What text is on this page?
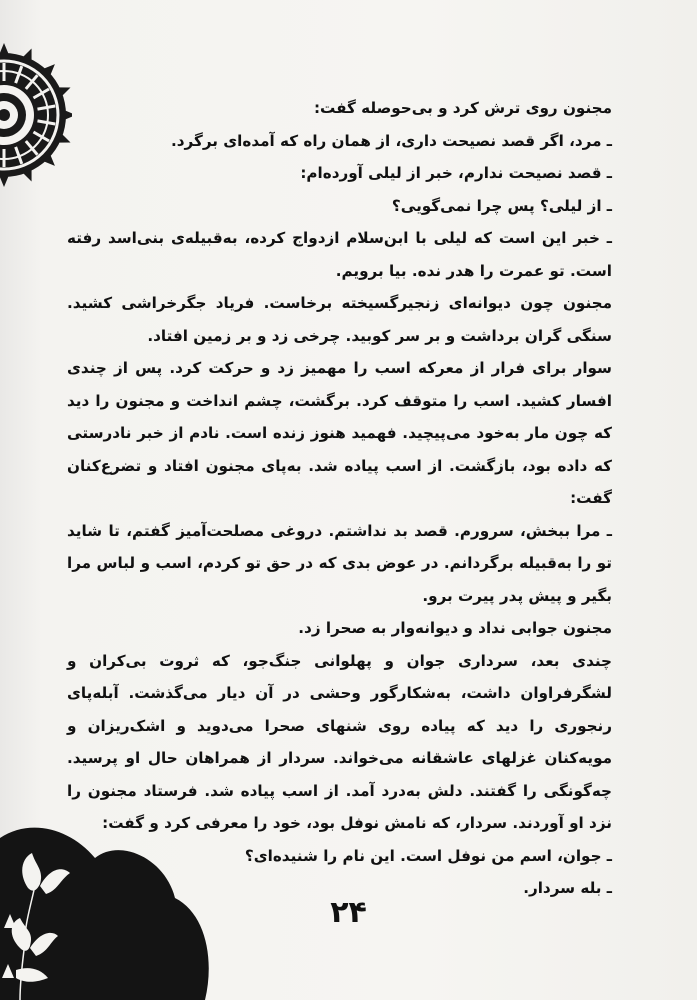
مجنون روی ترش کرد و بی‌حوصله گفت:

ـ مرد، اگر قصد نصیحت داری، از همان راه که آمده‌ای برگرد.

ـ قصد نصیحت ندارم، خبر از لیلی آورده‌ام:

ـ از لیلی؟ پس چرا نمی‌گویی؟

ـ خبر این است که لیلی با ابن‌سلام ازدواج کرده، به‌قبیله‌ی بنی‌اسد رفته است. تو عمرت را هدر نده. بیا برویم.

مجنون چون دیوانه‌ای زنجیرگسیخته برخاست. فریاد جگرخراشی کشید. سنگی گران برداشت و بر سر کوبید. چرخی زد و بر زمین افتاد.

سوار برای فرار از معرکه اسب را مهمیز زد و حرکت کرد. پس از چندی افسار کشید. اسب را متوقف کرد. برگشت، چشم انداخت و مجنون را دید که چون مار به‌خود می‌پیچید. فهمید هنوز زنده است. نادم از خبر نادرستی که داده بود، بازگشت. از اسب پیاده شد. به‌پای مجنون افتاد و تضرع‌کنان گفت:

ـ مرا ببخش، سرورم. قصد بد نداشتم. دروغی مصلحت‌آمیز گفتم، تا شاید تو را به‌قبیله برگردانم. در عوض بدی که در حق تو کردم، اسب و لباس مرا بگیر و پیش پدر پیرت برو.

مجنون جوابی نداد و دیوانه‌وار به صحرا زد.

چندی بعد، سرداری جوان و پهلوانی جنگ‌جو، که ثروت بی‌کران و لشگرفراوان داشت، به‌شکارگور وحشی در آن دیار می‌گذشت. آبله‌پای رنجوری را دید که پیاده روی شنهای صحرا می‌دوید و اشک‌ریزان و مویه‌کنان غزلهای عاشقانه می‌خواند. سردار از همراهان حال او پرسید. چه‌گونگی را گفتند. دلش به‌درد آمد. از اسب پیاده شد. فرستاد مجنون را نزد او آوردند. سردار، که نامش نوفل بود، خود را معرفی کرد و گفت:

ـ جوان، اسم من نوفل است. این نام را شنیده‌ای؟

ـ بله سردار.

۲۴
